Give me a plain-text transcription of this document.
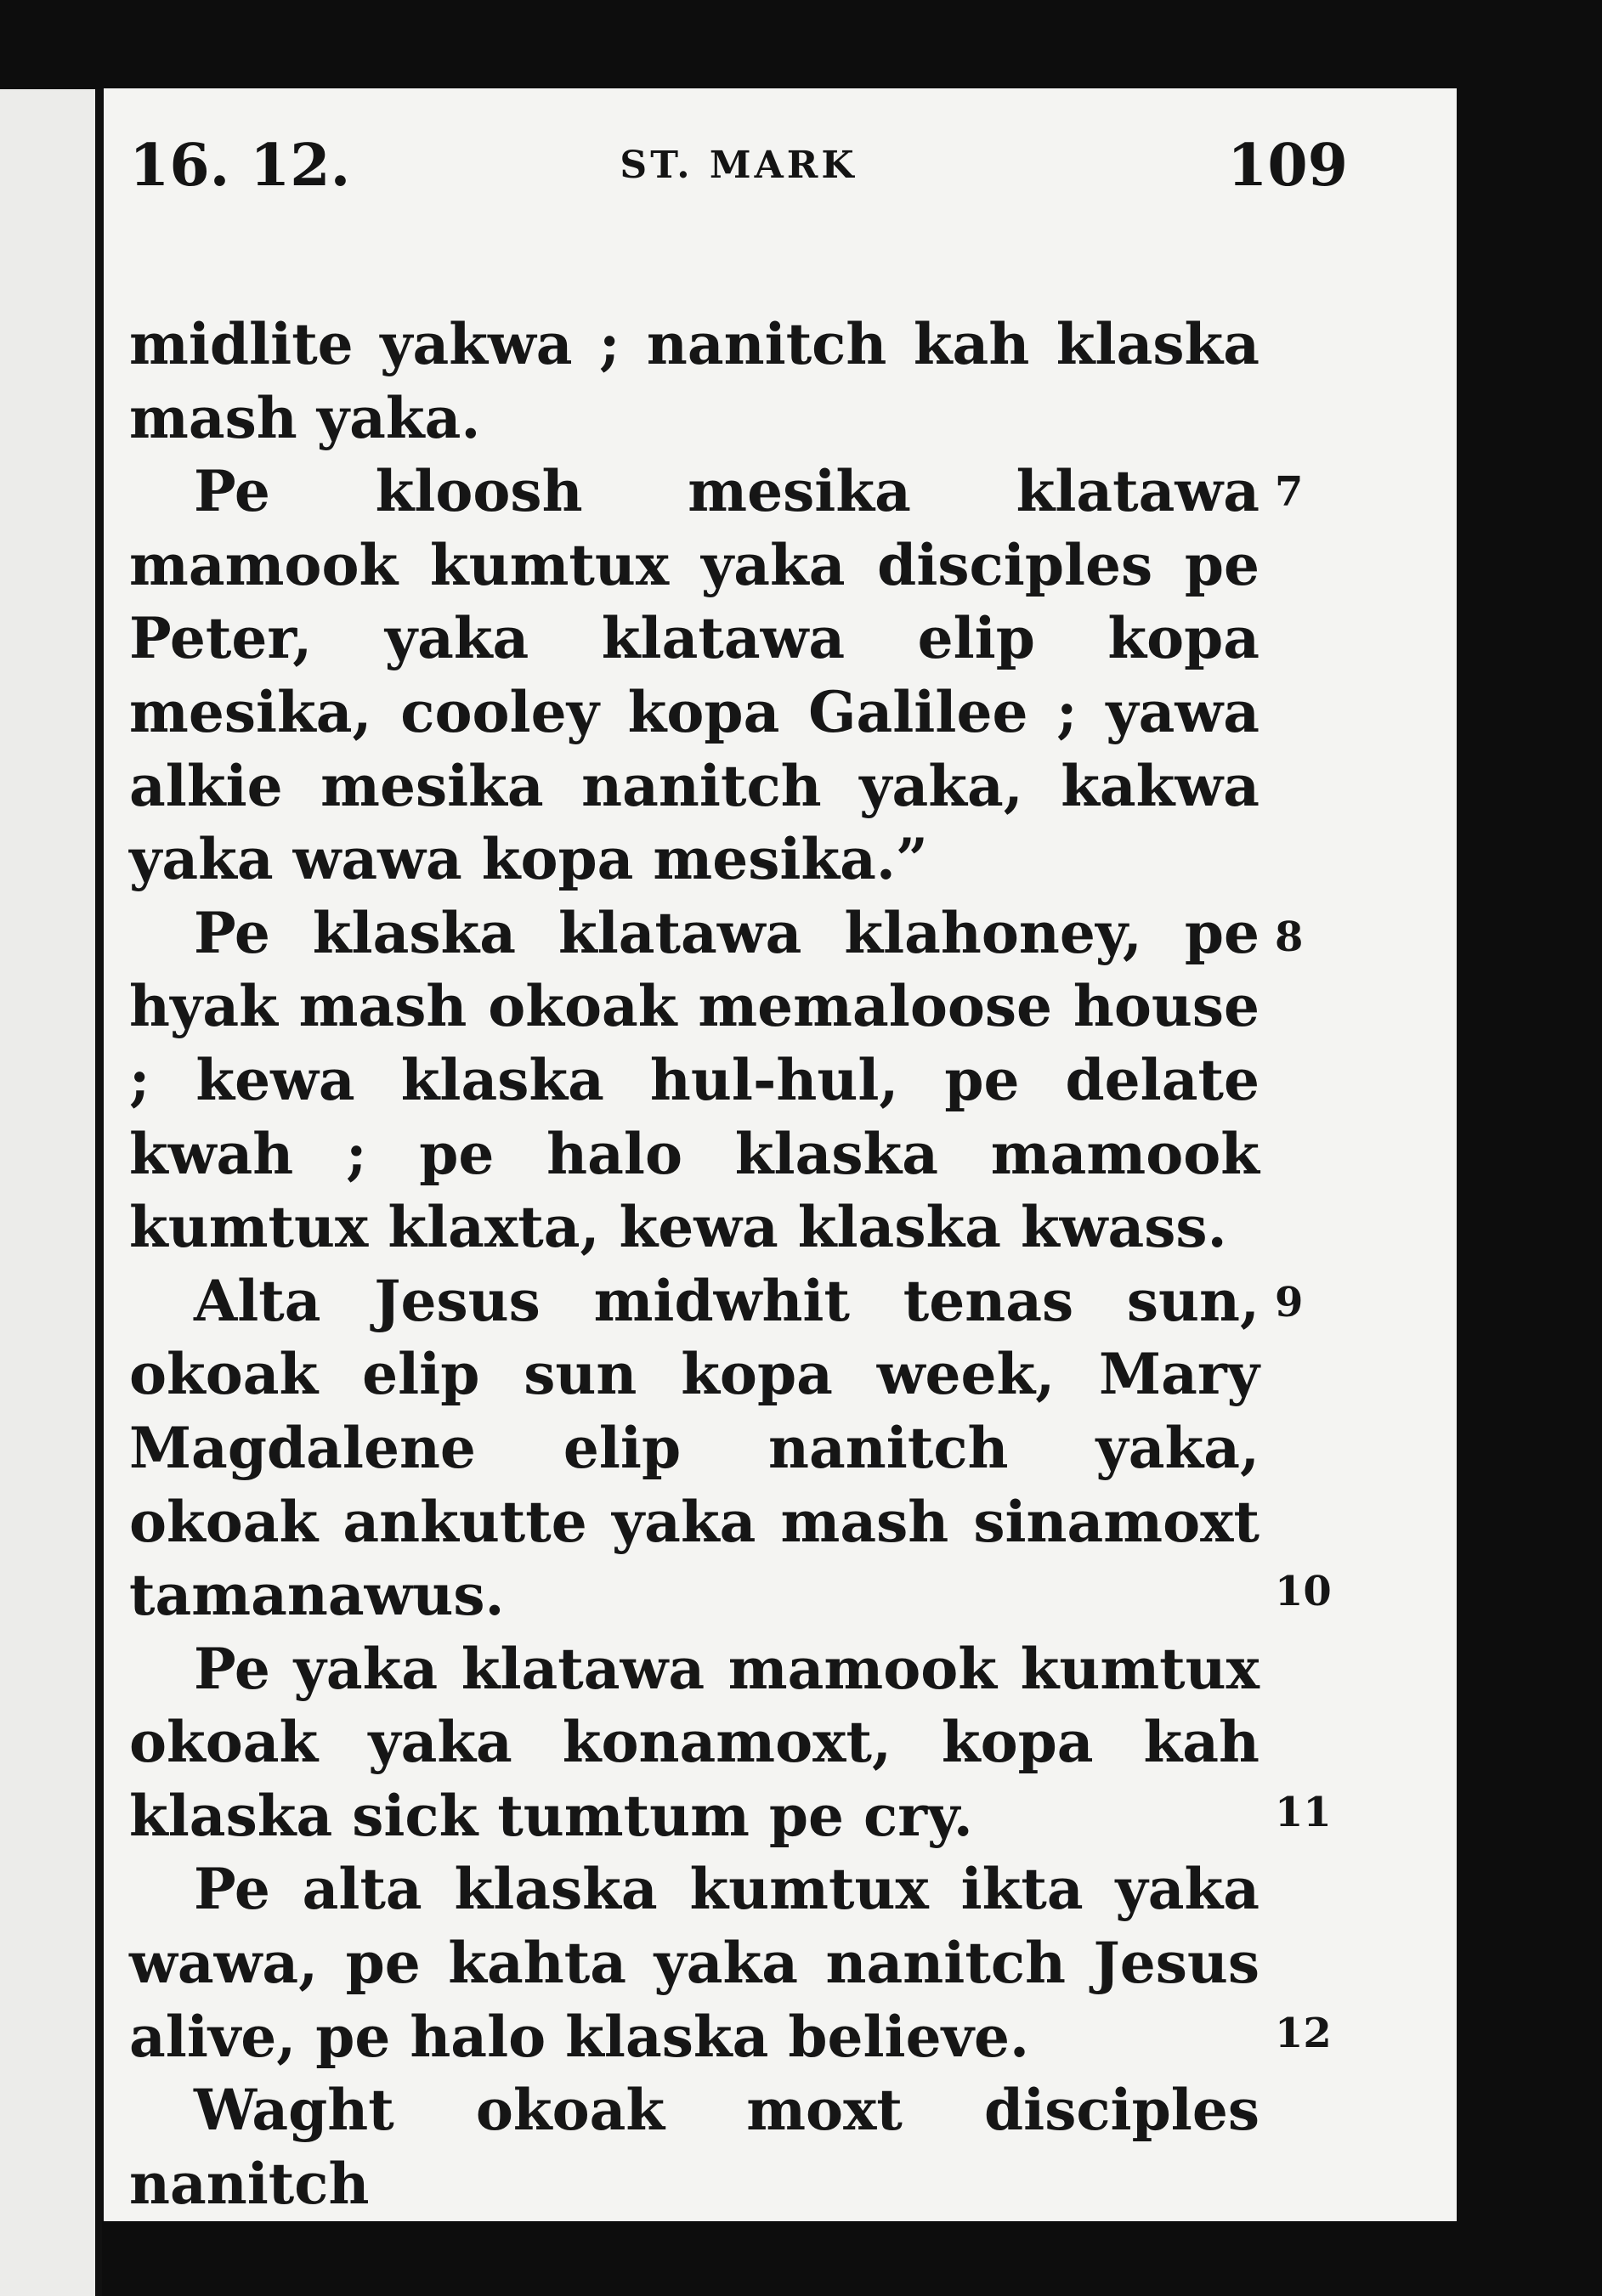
16. 12.	ST. MARK	109

midlite yakwa ; nanitch kah klaska mash yaka.

Pe kloosh mesika klatawa mamook kumtux yaka disciples pe Peter, yaka klatawa elip kopa mesika, cooley kopa Galilee ; yawa alkie mesika nanitch yaka, kakwa yaka wawa kopa mesika.”

Pe klaska klatawa klahoney, pe hyak mash okoak memaloose house ; kewa klaska hul-hul, pe delate kwah ; pe halo klaska mamook kumtux klaxta, kewa klaska kwass.

Alta Jesus midwhit tenas sun, okoak elip sun kopa week, Mary Magdalene elip nanitch yaka, okoak ankutte yaka mash sinamoxt tamanawus.

Pe yaka klatawa mamook kumtux okoak yaka konamoxt, kopa kah klaska sick tumtum pe cry.

Pe alta klaska kumtux ikta yaka wawa, pe kahta yaka nanitch Jesus alive, pe halo klaska believe.

Waght okoak moxt disciples nanitch

7
8
9
10
11
12
